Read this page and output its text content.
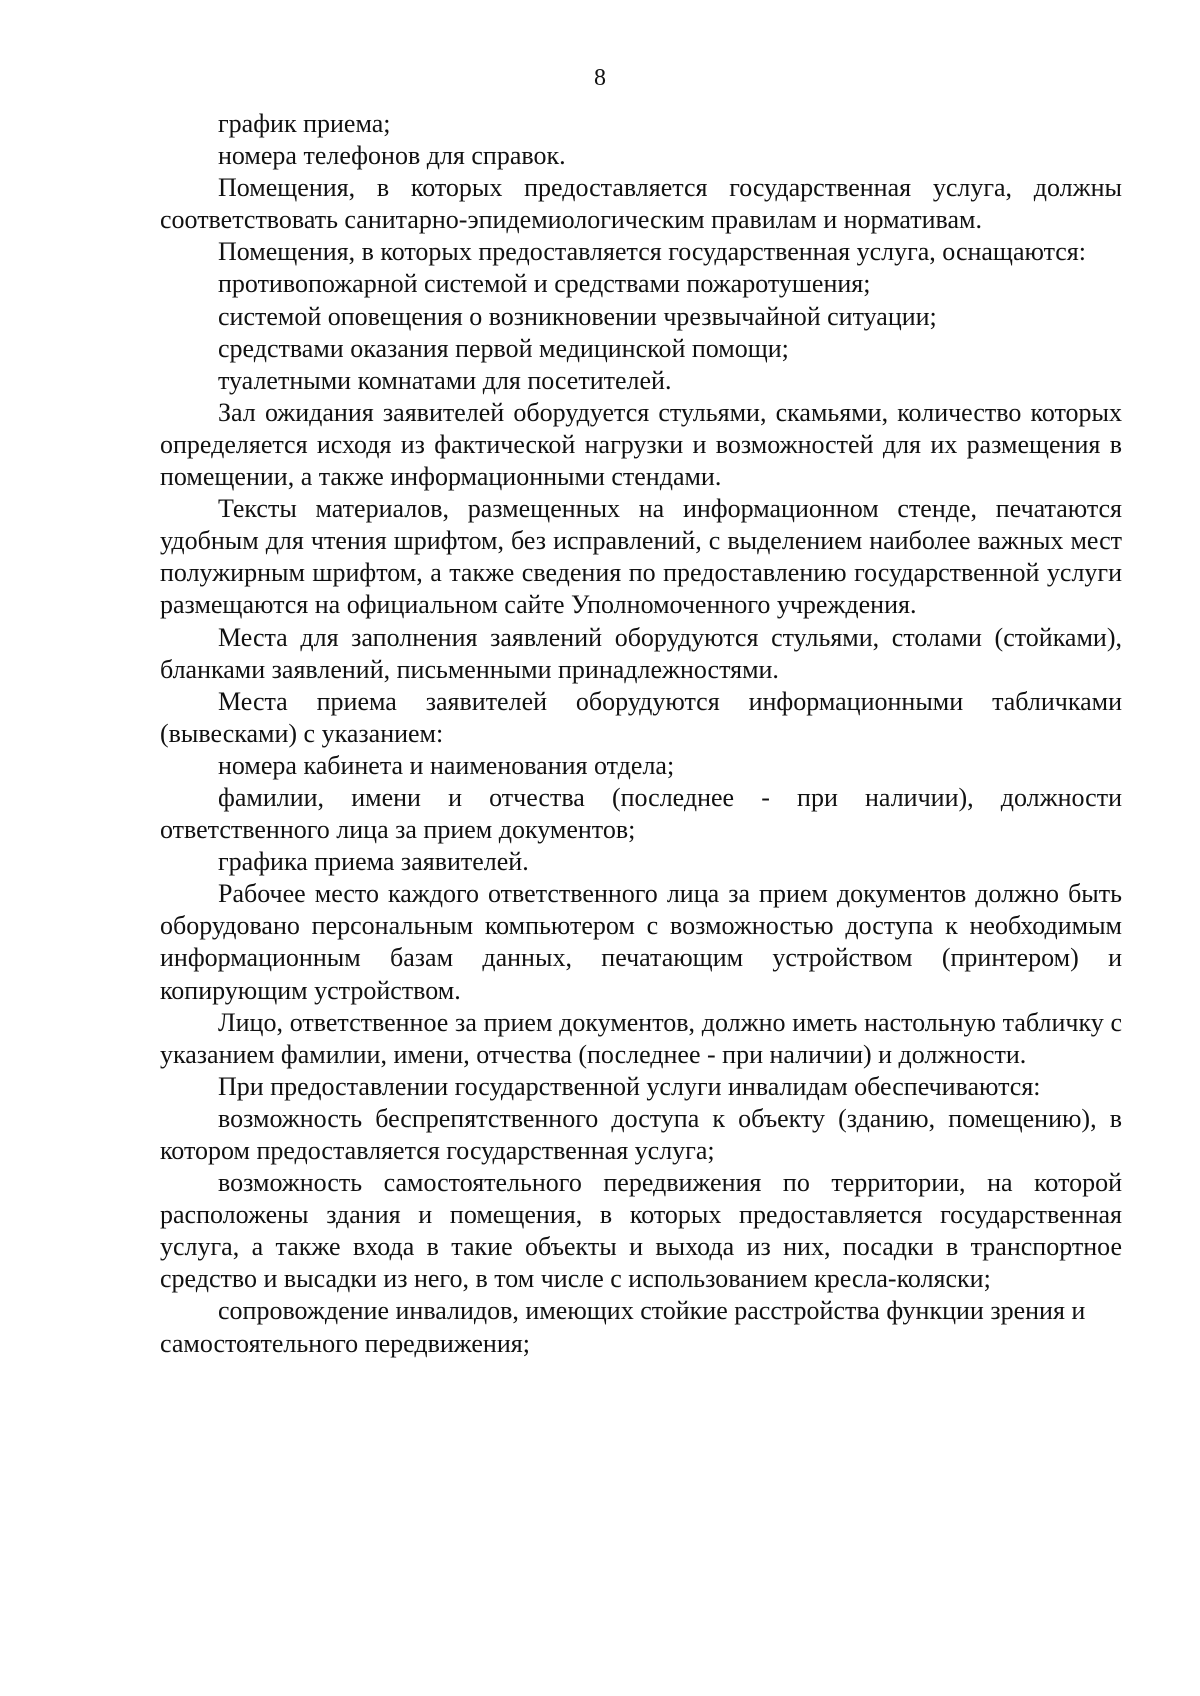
8

график приема;

номера телефонов для справок.

Помещения, в которых предоставляется государственная услуга, должны соответствовать санитарно-эпидемиологическим правилам и нормативам.

Помещения, в которых предоставляется государственная услуга, оснащаются:

противопожарной системой и средствами пожаротушения;

системой оповещения о возникновении чрезвычайной ситуации;

средствами оказания первой медицинской помощи;

туалетными комнатами для посетителей.

Зал ожидания заявителей оборудуется стульями, скамьями, количество которых определяется исходя из фактической нагрузки и возможностей для их размещения в помещении, а также информационными стендами.

Тексты материалов, размещенных на информационном стенде, печатаются удобным для чтения шрифтом, без исправлений, с выделением наиболее важных мест полужирным шрифтом, а также сведения по предоставлению государственной услуги размещаются на официальном сайте Уполномоченного учреждения.

Места для заполнения заявлений оборудуются стульями, столами (стойками), бланками заявлений, письменными принадлежностями.

Места приема заявителей оборудуются информационными табличками (вывесками) с указанием:

номера кабинета и наименования отдела;

фамилии, имени и отчества (последнее - при наличии), должности ответственного лица за прием документов;

графика приема заявителей.

Рабочее место каждого ответственного лица за прием документов должно быть оборудовано персональным компьютером с возможностью доступа к необходимым информационным базам данных, печатающим устройством (принтером) и копирующим устройством.

Лицо, ответственное за прием документов, должно иметь настольную табличку с указанием фамилии, имени, отчества (последнее - при наличии) и должности.

При предоставлении государственной услуги инвалидам обеспечиваются:

возможность беспрепятственного доступа к объекту (зданию, помещению), в котором предоставляется государственная услуга;

возможность самостоятельного передвижения по территории, на которой расположены здания и помещения, в которых предоставляется государственная услуга, а также входа в такие объекты и выхода из них, посадки в транспортное средство и высадки из него, в том числе с использованием кресла-коляски;

сопровождение инвалидов, имеющих стойкие расстройства функции зрения и самостоятельного передвижения;
